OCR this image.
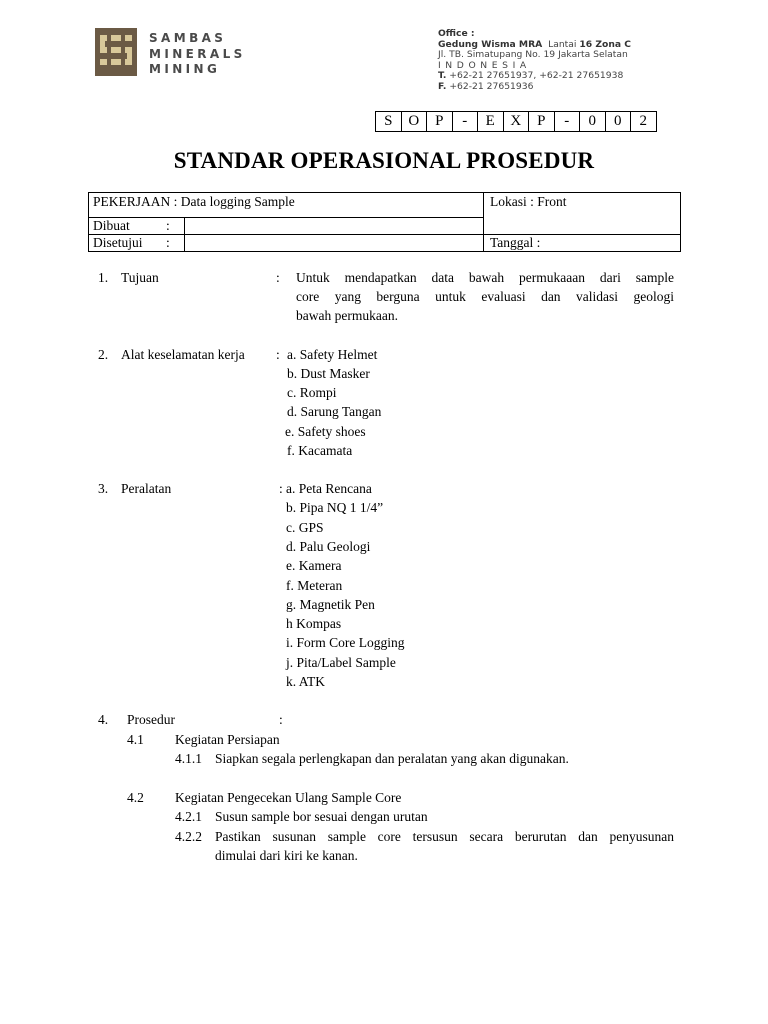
SAMBAS
MINERALS
MINING
Office :
Gedung Wisma MRA Lantai 16 Zona C
Jl. TB. Simatupang No. 19 Jakarta Selatan
INDONESIA
T. +62-21 27651937, +62-21 27651938
F. +62-21 27651936
S	O	P	-	E	X	P	-	0	0	2
STANDAR OPERASIONAL PROSEDUR
PEKERJAAN : Data logging Sample	Lokasi : Front
Dibuat	:
Disetujui :	Tanggal :
1. Tujuan	: Untuk mendapatkan data bawah permukaaan dari sample
core yang berguna untuk evaluasi dan validasi geologi
bawah permukaan.
2. Alat keselamatan kerja : a. Safety Helmet
b. Dust Masker
c. Rompi
d. Sarung Tangan
e. Safety shoes
f. Kacamata
3. Peralatan	: a. Peta Rencana
b. Pipa NQ 1 1/4”
c. GPS
d. Palu Geologi
e. Kamera
f. Meteran
g. Magnetik Pen
h Kompas
i. Form Core Logging
j. Pita/Label Sample
k. ATK
4. Prosedur	:
4.1 Kegiatan Persiapan
4.1.1 Siapkan segala perlengkapan dan peralatan yang akan digunakan.
4.2 Kegiatan Pengecekan Ulang Sample Core
4.2.1 Susun sample bor sesuai dengan urutan
4.2.2 Pastikan susunan sample core tersusun secara berurutan dan penyusunan
dimulai dari kiri ke kanan.
